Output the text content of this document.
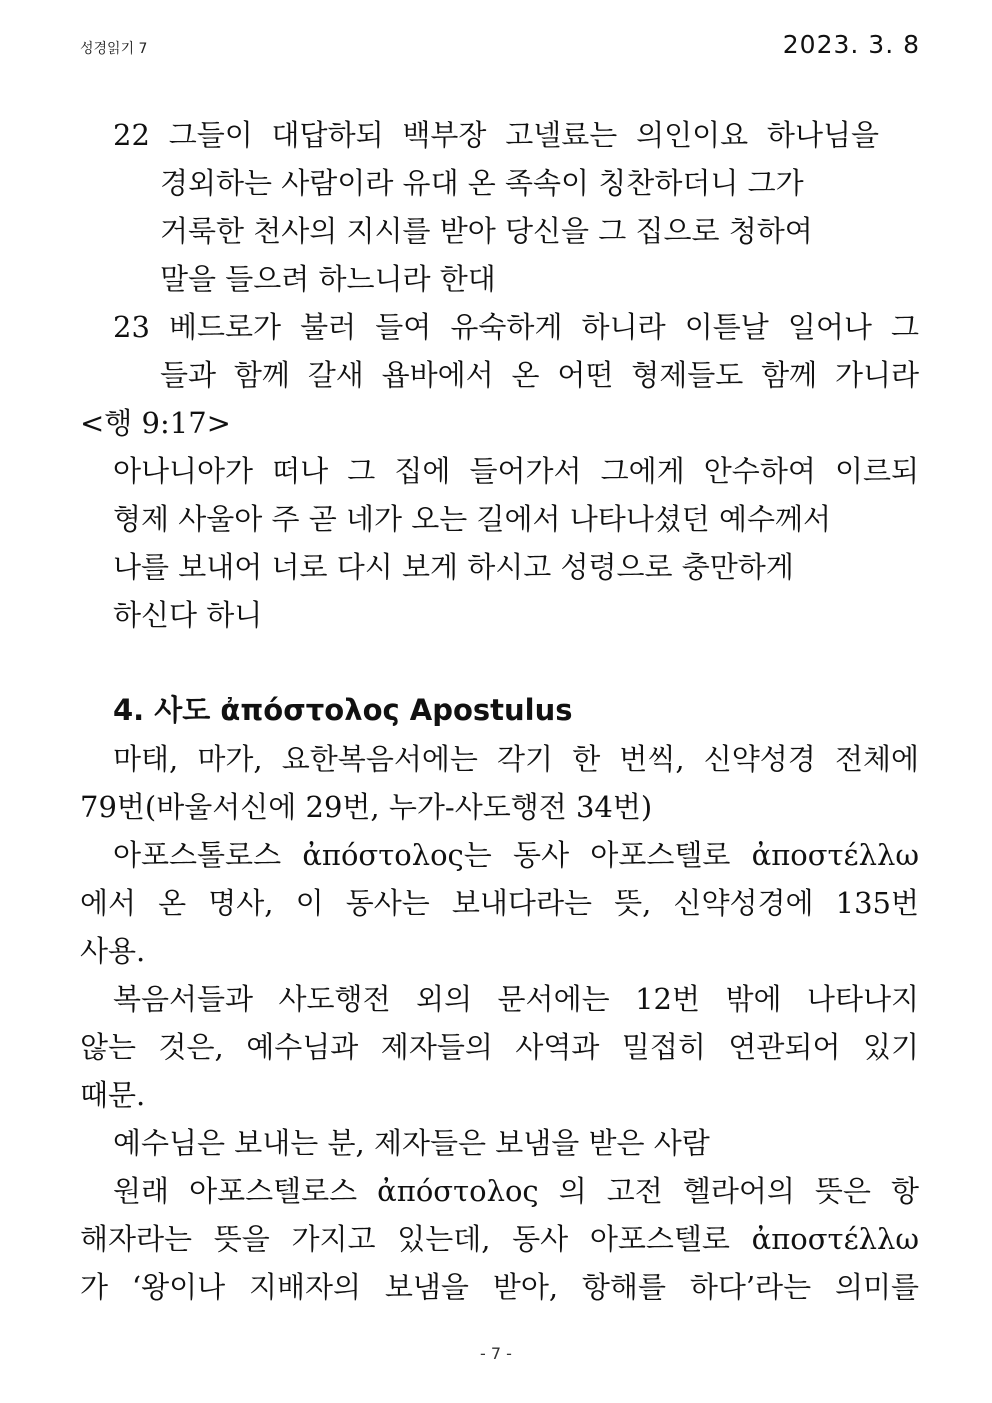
성경읽기 7	2023. 3. 8
22 그들이 대답하되 백부장 고넬료는 의인이요 하나님을
경외하는 사람이라 유대 온 족속이 칭찬하더니 그가
거룩한 천사의 지시를 받아 당신을 그 집으로 청하여
말을 들으려 하느니라 한대
23 베드로가 불러 들여 유숙하게 하니라 이튿날 일어나 그
들과 함께 갈새 욥바에서 온 어떤 형제들도 함께 가니라
<행 9:17>
아나니아가 떠나 그 집에 들어가서 그에게 안수하여 이르되
형제 사울아 주 곧 네가 오는 길에서 나타나셨던 예수께서
나를 보내어 너로 다시 보게 하시고 성령으로 충만하게
하신다 하니
4. 사도 ἀπόστολος Apostulus
마태, 마가, 요한복음서에는 각기 한 번씩, 신약성경 전체에
79번(바울서신에 29번, 누가-사도행전 34번)
아포스톨로스 ἀπόστολος는 동사 아포스텔로 ἀποστέλλω
에서 온 명사, 이 동사는 보내다라는 뜻, 신약성경에 135번
사용.
복음서들과 사도행전 외의 문서에는 12번 밖에 나타나지
않는 것은, 예수님과 제자들의 사역과 밀접히 연관되어 있기
때문.
예수님은 보내는 분, 제자들은 보냄을 받은 사람
원래 아포스텔로스 ἀπόστολος 의 고전 헬라어의 뜻은 항
해자라는 뜻을 가지고 있는데, 동사 아포스텔로 ἀποστέλλω
가 ‘왕이나 지배자의 보냄을 받아, 항해를 하다’라는 의미를
- 7 -
